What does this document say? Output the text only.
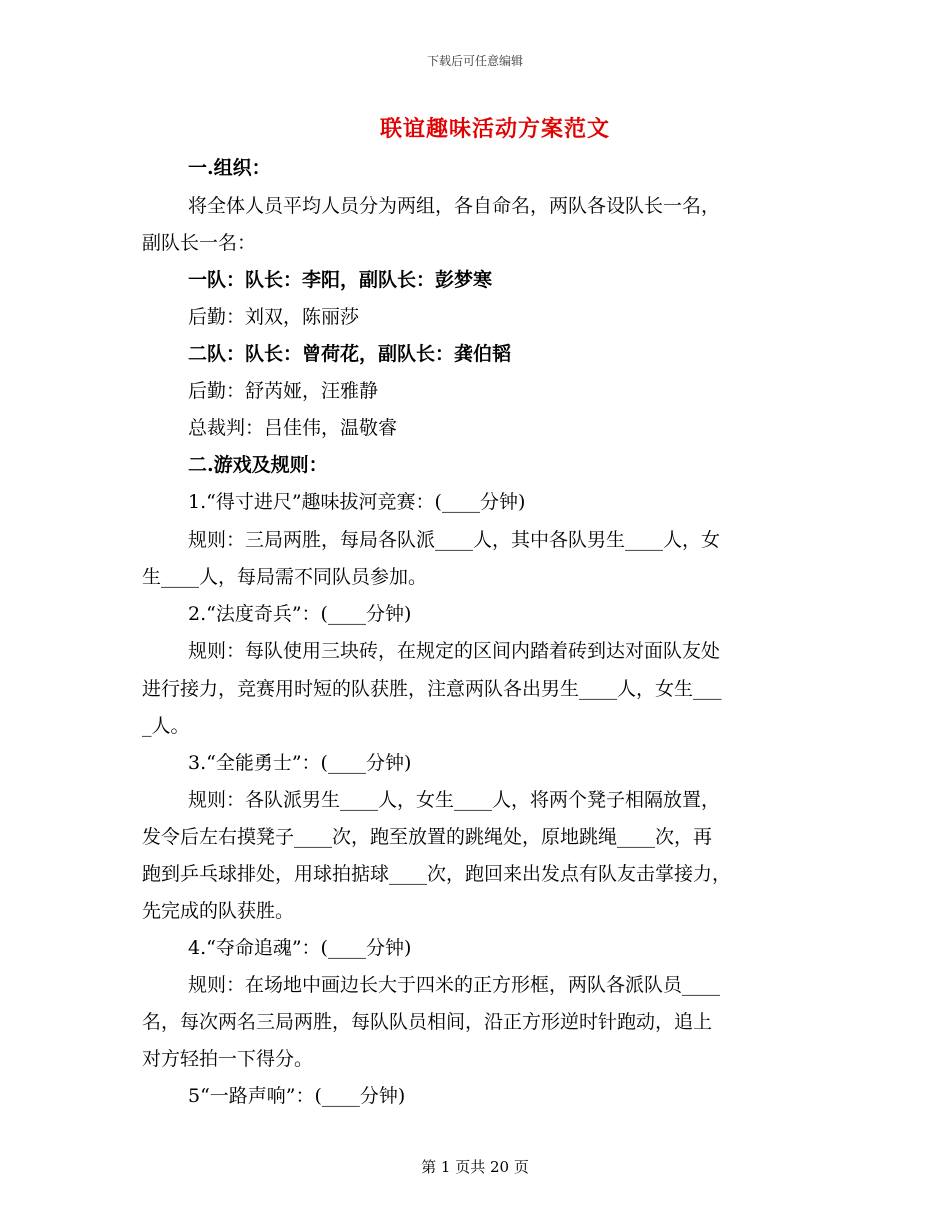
下载后可任意编辑
联谊趣味活动方案范文
一.组织：
将全体人员平均人员分为两组，各自命名，两队各设队长一名，
副队长一名：
一队：队长：李阳，副队长：彭梦寒
后勤：刘双，陈丽莎
二队：队长：曾荷花，副队长：龚伯韬
后勤：舒芮娅，汪雅静
总裁判：吕佳伟，温敬睿
二.游戏及规则：
1.“得寸进尺”趣味拔河竞赛：(____分钟)
规则：三局两胜，每局各队派____人，其中各队男生____人，女
生____人，每局需不同队员参加。
2.“法度奇兵”：(____分钟)
规则：每队使用三块砖，在规定的区间内踏着砖到达对面队友处
进行接力，竞赛用时短的队获胜，注意两队各出男生____人，女生___
_人。
3.“全能勇士”：(____分钟)
规则：各队派男生____人，女生____人，将两个凳子相隔放置，
发令后左右摸凳子____次，跑至放置的跳绳处，原地跳绳____次，再
跑到乒乓球排处，用球拍掂球____次，跑回来出发点有队友击掌接力，
先完成的队获胜。
4.“夺命追魂”：(____分钟)
规则：在场地中画边长大于四米的正方形框，两队各派队员____
名，每次两名三局两胜，每队队员相间，沿正方形逆时针跑动，追上
对方轻拍一下得分。
5“一路声响”：(____分钟)
第 1 页共 20 页
